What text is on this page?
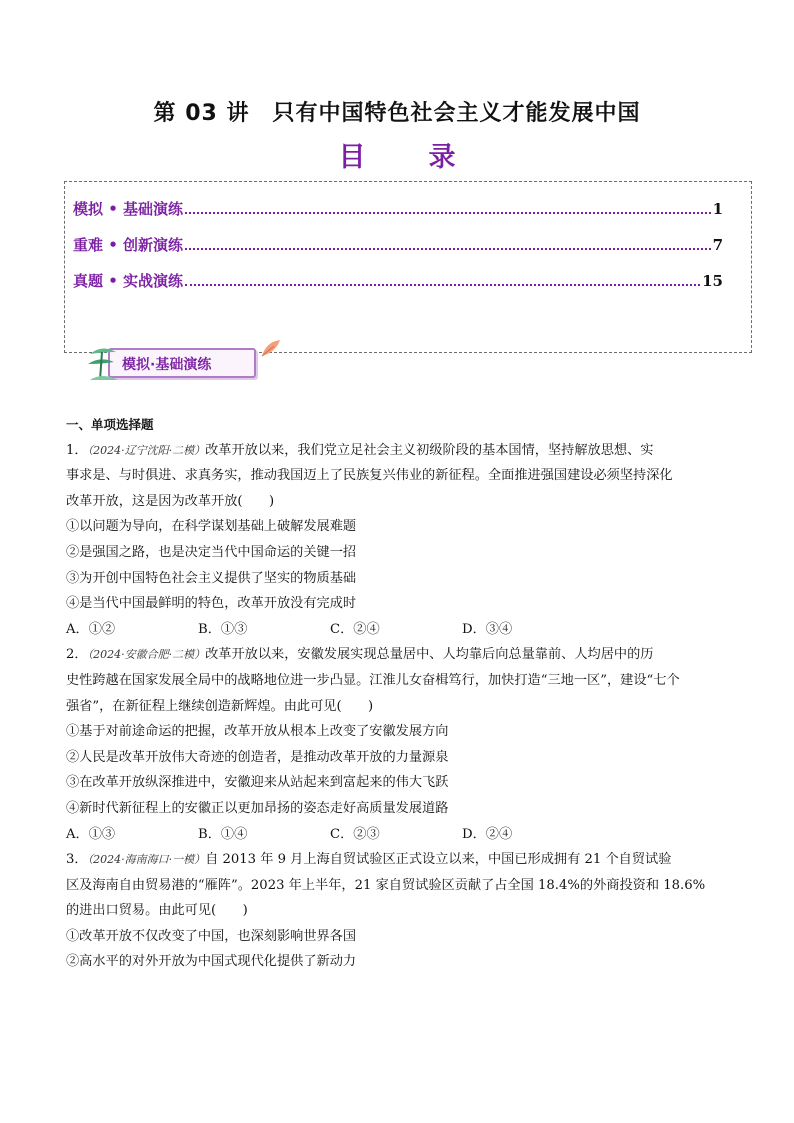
第 03 讲　只有中国特色社会主义才能发展中国
目　录
模拟 • 基础演练	1
重难 • 创新演练	7
真题 • 实战演练	15
模拟·基础演练

一、单项选择题

1．（2024·辽宁沈阳·二模）改革开放以来，我们党立足社会主义初级阶段的基本国情，坚持解放思想、实
事求是、与时俱进、求真务实，推动我国迈上了民族复兴伟业的新征程。全面推进强国建设必须坚持深化
改革开放，这是因为改革开放(　　)

①以问题为导向，在科学谋划基础上破解发展难题

②是强国之路，也是决定当代中国命运的关键一招

③为开创中国特色社会主义提供了坚实的物质基础

④是当代中国最鲜明的特色，改革开放没有完成时

A．①②	B．①③	C．②④	D．③④

2．（2024·安徽合肥·二模）改革开放以来，安徽发展实现总量居中、人均靠后向总量靠前、人均居中的历
史性跨越在国家发展全局中的战略地位进一步凸显。江淮儿女奋楫笃行，加快打造“三地一区”，建设“七个
强省”，在新征程上继续创造新辉煌。由此可见(　　)

①基于对前途命运的把握，改革开放从根本上改变了安徽发展方向

②人民是改革开放伟大奇迹的创造者，是推动改革开放的力量源泉

③在改革开放纵深推进中，安徽迎来从站起来到富起来的伟大飞跃

④新时代新征程上的安徽正以更加昂扬的姿态走好高质量发展道路

A．①③	B．①④	C．②③	D．②④

3．（2024·海南海口·一模）自 2013 年 9 月上海自贸试验区正式设立以来，中国已形成拥有 21 个自贸试验
区及海南自由贸易港的“雁阵”。2023 年上半年，21 家自贸试验区贡献了占全国 18.4%的外商投资和 18.6%
的进出口贸易。由此可见(　　)

①改革开放不仅改变了中国，也深刻影响世界各国

②高水平的对外开放为中国式现代化提供了新动力
